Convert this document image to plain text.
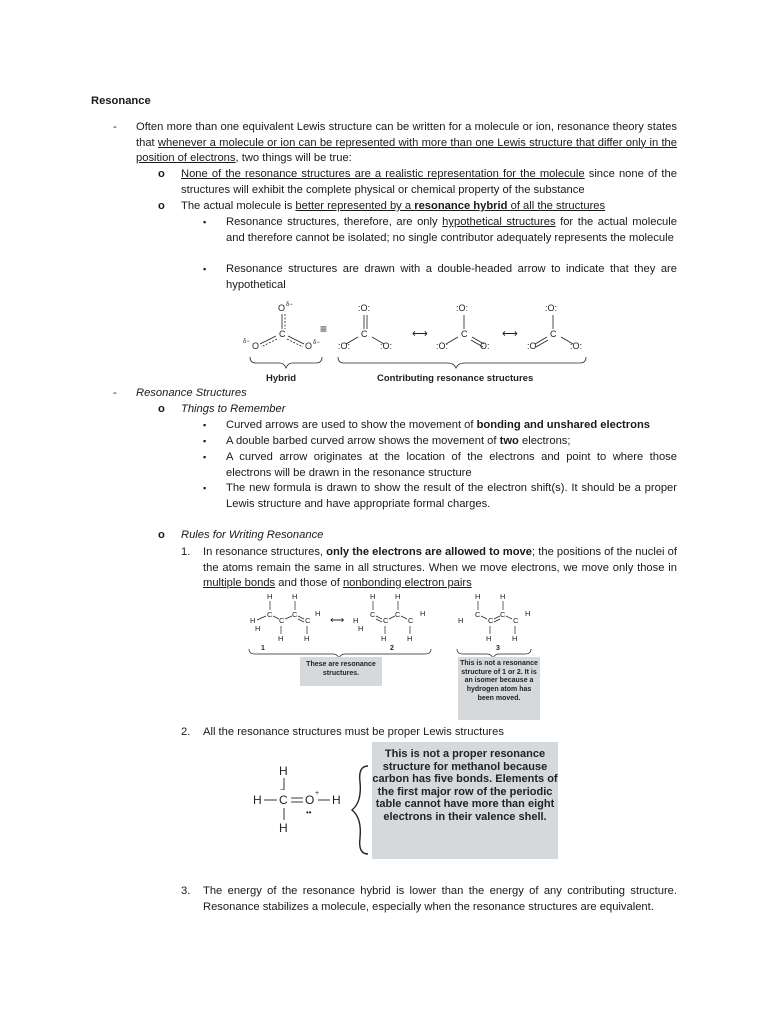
Resonance
- Often more than one equivalent Lewis structure can be written for a molecule or ion, resonance theory states that whenever a molecule or ion can be represented with more than one Lewis structure that differ only in the position of electrons, two things will be true:
o None of the resonance structures are a realistic representation for the molecule since none of the structures will exhibit the complete physical or chemical property of the substance
o The actual molecule is better represented by a resonance hybrid of all the structures
▪ Resonance structures, therefore, are only hypothetical structures for the actual molecule and therefore cannot be isolated; no single contributor adequately represents the molecule
▪ Resonance structures are drawn with a double-headed arrow to indicate that they are hypothetical
O δ−
C
O
δ−	O δ−
≡
:O:
C
:O:	:O:
⟷
:O:
C
:O:	O:
⟷
:O:
C
:O	:O:
Hybrid	Contributing resonance structures
- Resonance Structures
o Things to Remember
▪ Curved arrows are used to show the movement of bonding and unshared electrons
▪ A double barbed curved arrow shows the movement of two electrons;
▪ A curved arrow originates at the location of the electrons and point to where those electrons will be drawn in the resonance structure
▪ The new formula is drawn to show the result of the electron shift(s). It should be a proper Lewis structure and have appropriate formal charges.
o Rules for Writing Resonance
1. In resonance structures, only the electrons are allowed to move; the positions of the nuclei of the atoms remain the same in all structures. When we move electrons, we move only those in multiple bonds and those of nonbonding electron pairs
H	H
C
C
C
C
H
H
H
H	H
⟷
H	H
C
C
C
C
H
H
H
H	H
H	H
C
C
C
C
H
H
H	H
1	2	3
These are resonance structures.
This is not a resonance structure of 1 or 2. It is an isomer because a hydrogen atom has been moved.
2. All the resonance structures must be proper Lewis structures
H
H C
−
O +
••
H
H
This is not a proper resonance structure for methanol because carbon has five bonds. Elements of the first major row of the periodic table cannot have more than eight electrons in their valence shell.
3. The energy of the resonance hybrid is lower than the energy of any contributing structure. Resonance stabilizes a molecule, especially when the resonance structures are equivalent.
